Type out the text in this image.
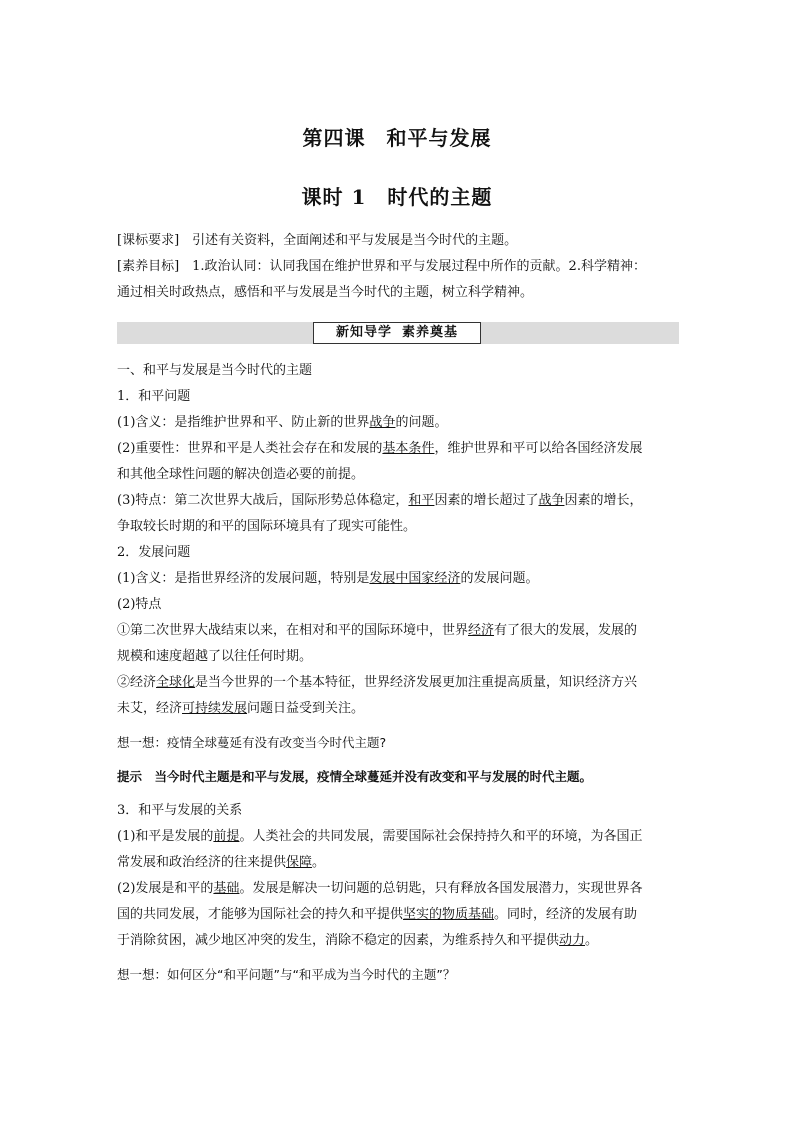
第四课　和平与发展
课时 1　时代的主题

[课标要求]　引述有关资料，全面阐述和平与发展是当今时代的主题。

[素养目标]　1.政治认同：认同我国在维护世界和平与发展过程中所作的贡献。2.科学精神：

通过相关时政热点，感悟和平与发展是当今时代的主题，树立科学精神。

新知导学 素养奠基

一、和平与发展是当今时代的主题

1．和平问题

(1)含义：是指维护世界和平、防止新的世界战争的问题。

(2)重要性：世界和平是人类社会存在和发展的基本条件，维护世界和平可以给各国经济发展

和其他全球性问题的解决创造必要的前提。

(3)特点：第二次世界大战后，国际形势总体稳定，和平因素的增长超过了战争因素的增长，

争取较长时期的和平的国际环境具有了现实可能性。

2．发展问题

(1)含义：是指世界经济的发展问题，特别是发展中国家经济的发展问题。

(2)特点

①第二次世界大战结束以来，在相对和平的国际环境中，世界经济有了很大的发展，发展的

规模和速度超越了以往任何时期。

②经济全球化是当今世界的一个基本特征，世界经济发展更加注重提高质量，知识经济方兴

未艾，经济可持续发展问题日益受到关注。

想一想：疫情全球蔓延有没有改变当今时代主题?

提示　当今时代主题是和平与发展，疫情全球蔓延并没有改变和平与发展的时代主题。

3．和平与发展的关系

(1)和平是发展的前提。人类社会的共同发展，需要国际社会保持持久和平的环境，为各国正

常发展和政治经济的往来提供保障。

(2)发展是和平的基础。发展是解决一切问题的总钥匙，只有释放各国发展潜力，实现世界各

国的共同发展，才能够为国际社会的持久和平提供坚实的物质基础。同时，经济的发展有助

于消除贫困，减少地区冲突的发生，消除不稳定的因素，为维系持久和平提供动力。

想一想：如何区分“和平问题”与“和平成为当今时代的主题”？
